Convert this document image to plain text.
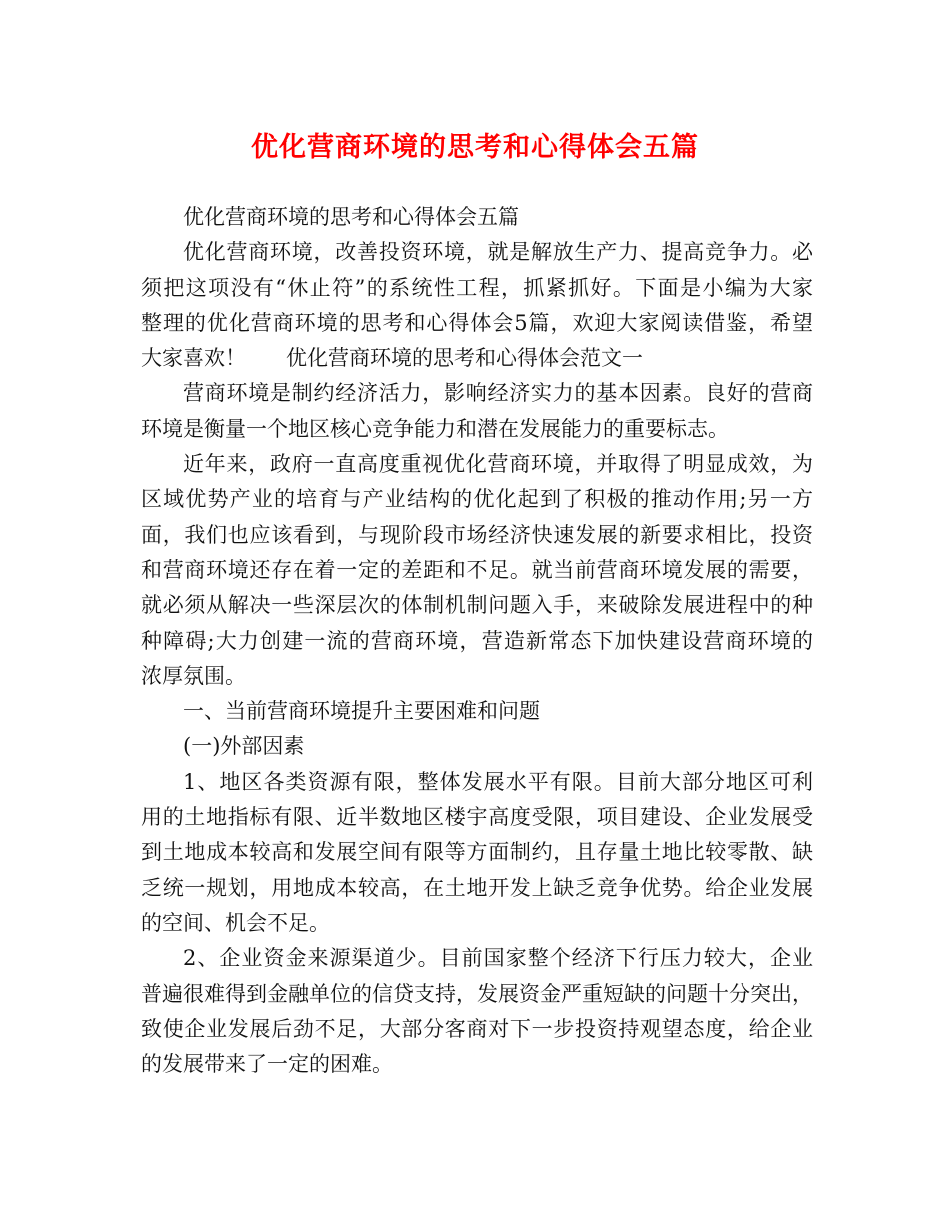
优化营商环境的思考和心得体会五篇
优化营商环境的思考和心得体会五篇
优化营商环境，改善投资环境，就是解放生产力、提高竞争力。必
须把这项没有“休止符”的系统性工程，抓紧抓好。下面是小编为大家
整理的优化营商环境的思考和心得体会5篇，欢迎大家阅读借鉴，希望
大家喜欢！ 优化营商环境的思考和心得体会范文一
营商环境是制约经济活力，影响经济实力的基本因素。良好的营商
环境是衡量一个地区核心竞争能力和潜在发展能力的重要标志。
近年来，政府一直高度重视优化营商环境，并取得了明显成效，为
区域优势产业的培育与产业结构的优化起到了积极的推动作用;另一方
面，我们也应该看到，与现阶段市场经济快速发展的新要求相比，投资
和营商环境还存在着一定的差距和不足。就当前营商环境发展的需要，
就必须从解决一些深层次的体制机制问题入手，来破除发展进程中的种
种障碍;大力创建一流的营商环境，营造新常态下加快建设营商环境的
浓厚氛围。
一、当前营商环境提升主要困难和问题
(一)外部因素
1、地区各类资源有限，整体发展水平有限。目前大部分地区可利
用的土地指标有限、近半数地区楼宇高度受限，项目建设、企业发展受
到土地成本较高和发展空间有限等方面制约，且存量土地比较零散、缺
乏统一规划，用地成本较高，在土地开发上缺乏竞争优势。给企业发展
的空间、机会不足。
2、企业资金来源渠道少。目前国家整个经济下行压力较大，企业
普遍很难得到金融单位的信贷支持，发展资金严重短缺的问题十分突出，
致使企业发展后劲不足，大部分客商对下一步投资持观望态度，给企业
的发展带来了一定的困难。
